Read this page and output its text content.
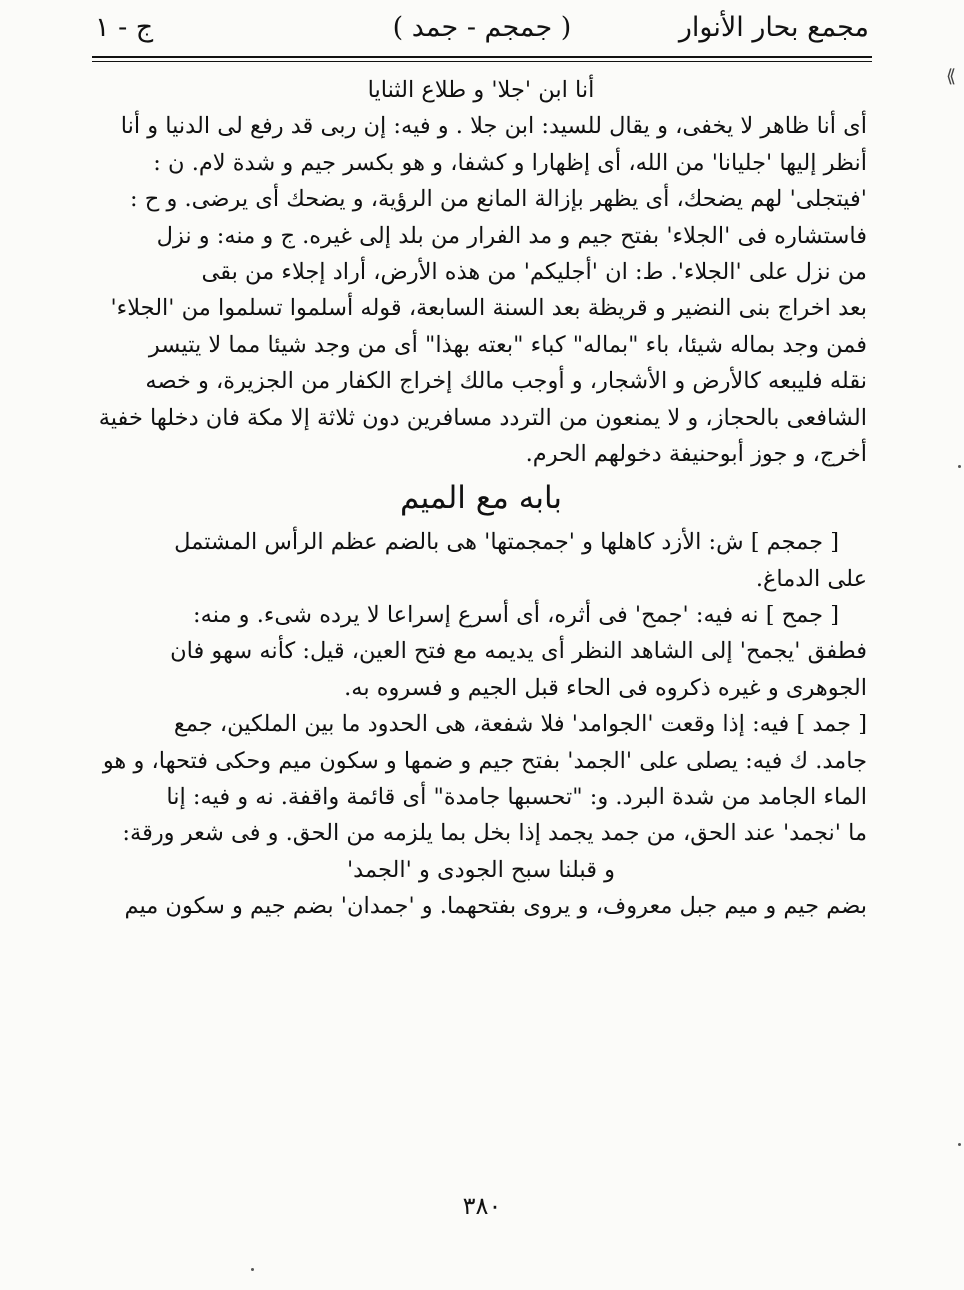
مجمع بحار الأنوار
( جمجم - جمد )
ج - ١
⟪
أنا ابن 'جلا' و طلاع الثنايا
أى أنا ظاهر لا يخفى، و يقال للسيد: ابن جلا . و فيه: إن ربى قد رفع لى الدنيا و أنا
أنظر إليها 'جليانا' من الله، أى إظهارا و كشفا، و هو بكسر جيم و شدة لام. ن :
'فيتجلى' لهم يضحك، أى يظهر بإزالة المانع من الرؤية، و يضحك أى يرضى. و ح :
فاستشاره فى 'الجلاء' بفتح جيم و مد الفرار من بلد إلى غيره. ج و منه: و نزل
من نزل على 'الجلاء'. ط: ان 'أجليكم' من هذه الأرض، أراد إجلاء من بقى
بعد اخراج بنى النضير و قريظة بعد السنة السابعة، قوله أسلموا تسلموا من 'الجلاء'
فمن وجد بماله شيئا، باء "بماله" كباء "بعته بهذا" أى من وجد شيئا مما لا يتيسر
نقله فليبعه كالأرض و الأشجار، و أوجب مالك إخراج الكفار من الجزيرة، و خصه
الشافعى بالحجاز، و لا يمنعون من التردد مسافرين دون ثلاثة إلا مكة فان دخلها خفية
أخرج، و جوز أبوحنيفة دخولهم الحرم.
بابه مع الميم
[ جمجم ] ش: الأزد كاهلها و 'جمجمتها' هى بالضم عظم الرأس المشتمل
على الدماغ.
[ جمح ] نه فيه: 'جمح' فى أثره، أى أسرع إسراعا لا يرده شىء. و منه:
فطفق 'يجمح' إلى الشاهد النظر أى يديمه مع فتح العين، قيل: كأنه سهو فان
الجوهرى و غيره ذكروه فى الحاء قبل الجيم و فسروه به.
[ جمد ] فيه: إذا وقعت 'الجوامد' فلا شفعة، هى الحدود ما بين الملكين، جمع
جامد. ك فيه: يصلى على 'الجمد' بفتح جيم و ضمها و سكون ميم وحكى فتحها، و هو
الماء الجامد من شدة البرد. و: "تحسبها جامدة" أى قائمة واقفة. نه و فيه: إنا
ما 'نجمد' عند الحق، من جمد يجمد إذا بخل بما يلزمه من الحق. و فى شعر ورقة:
و قبلنا سبح الجودى و 'الجمد'
بضم جيم و ميم جبل معروف، و يروى بفتحهما. و 'جمدان' بضم جيم و سكون ميم
٣٨٠
